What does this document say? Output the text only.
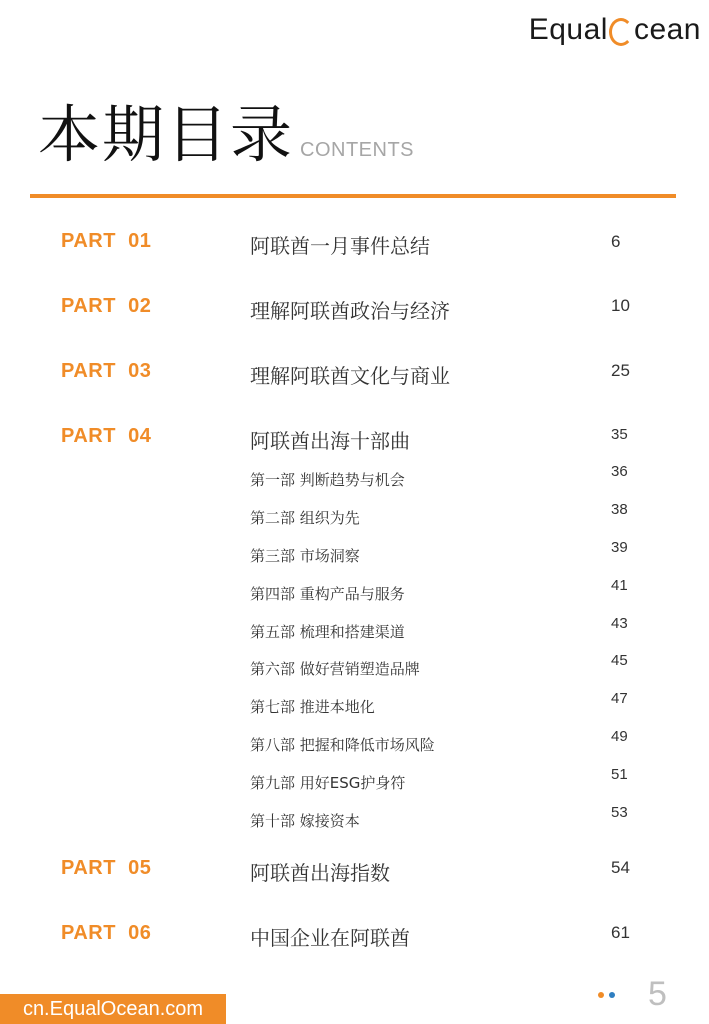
Equal cean
本期目录 CONTENTS
PART  01	阿联酋一月事件总结	6
PART  02	理解阿联酋政治与经济	10
PART  03	理解阿联酋文化与商业	25
PART  04	阿联酋出海十部曲	35
第一部 判断趋势与机会	36
第二部 组织为先	38
第三部 市场洞察	39
第四部 重构产品与服务	41
第五部 梳理和搭建渠道	43
第六部 做好营销塑造品牌	45
第七部 推进本地化	47
第八部 把握和降低市场风险	49
第九部 用好ESG护身符	51
第十部 嫁接资本	53
PART  05	阿联酋出海指数	54
PART  06	中国企业在阿联酋	61
cn.EqualOcean.com	5
